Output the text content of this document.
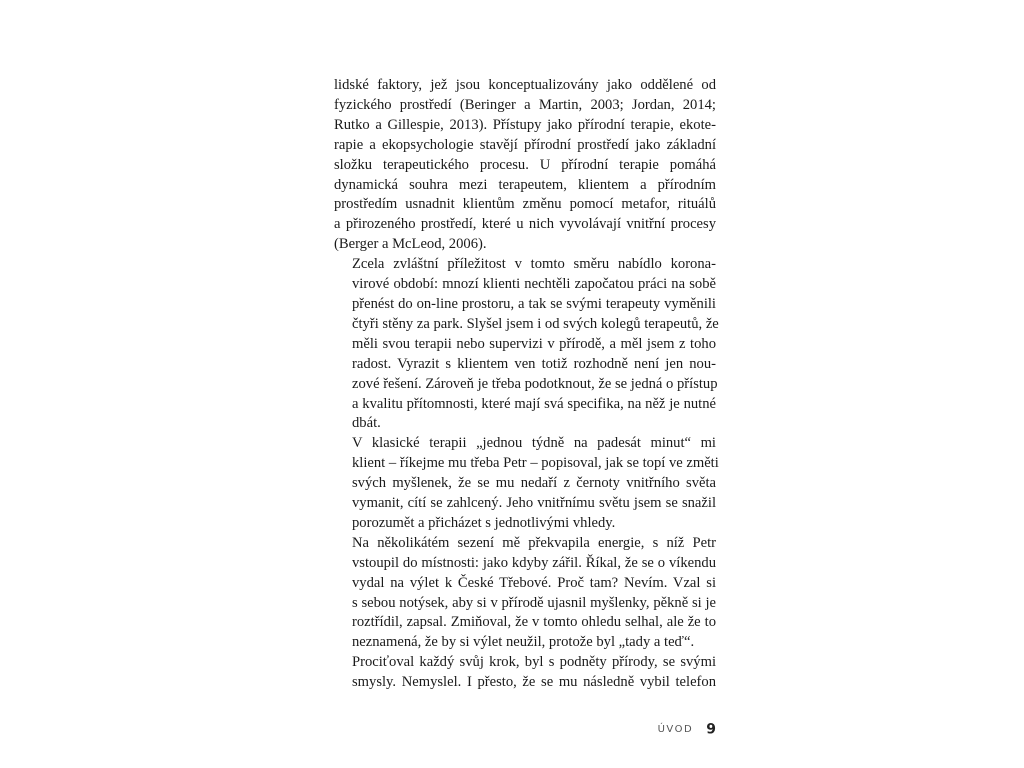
lidské faktory, jež jsou konceptualizovány jako oddělené od
fyzického prostředí (Beringer a Martin, 2003; Jordan, 2014;
Rutko a Gillespie, 2013). Přístupy jako přírodní terapie, ekote-
rapie a ekopsychologie stavějí přírodní prostředí jako základní
složku terapeutického procesu. U přírodní terapie pomáhá
dynamická souhra mezi terapeutem, klientem a přírodním
prostředím usnadnit klientům změnu pomocí metafor, rituálů
a přirozeného prostředí, které u nich vyvolávají vnitřní procesy
(Berger a McLeod, 2006).

Zcela zvláštní příležitost v tomto směru nabídlo korona-
virové období: mnozí klienti nechtěli započatou práci na sobě
přenést do on-line prostoru, a tak se svými terapeuty vyměnili
čtyři stěny za park. Slyšel jsem i od svých kolegů terapeutů, že
měli svou terapii nebo supervizi v přírodě, a měl jsem z toho
radost. Vyrazit s klientem ven totiž rozhodně není jen nou-
zové řešení. Zároveň je třeba podotknout, že se jedná o přístup
a kvalitu přítomnosti, které mají svá specifika, na něž je nutné
dbát.

V klasické terapii „jednou týdně na padesát minut“ mi
klient – říkejme mu třeba Petr – popisoval, jak se topí ve změti
svých myšlenek, že se mu nedaří z černoty vnitřního světa
vymanit, cítí se zahlcený. Jeho vnitřnímu světu jsem se snažil
porozumět a přicházet s jednotlivými vhledy.

Na několikátém sezení mě překvapila energie, s níž Petr
vstoupil do místnosti: jako kdyby zářil. Říkal, že se o víkendu
vydal na výlet k České Třebové. Proč tam? Nevím. Vzal si
s sebou notýsek, aby si v přírodě ujasnil myšlenky, pěkně si je
roztřídil, zapsal. Zmiňoval, že v tomto ohledu selhal, ale že to
neznamená, že by si výlet neužil, protože byl „tady a teď“.

Prociťoval každý svůj krok, byl s podněty přírody, se svými
smysly. Nemyslel. I přesto, že se mu následně vybil telefon

ÚVOD 9
